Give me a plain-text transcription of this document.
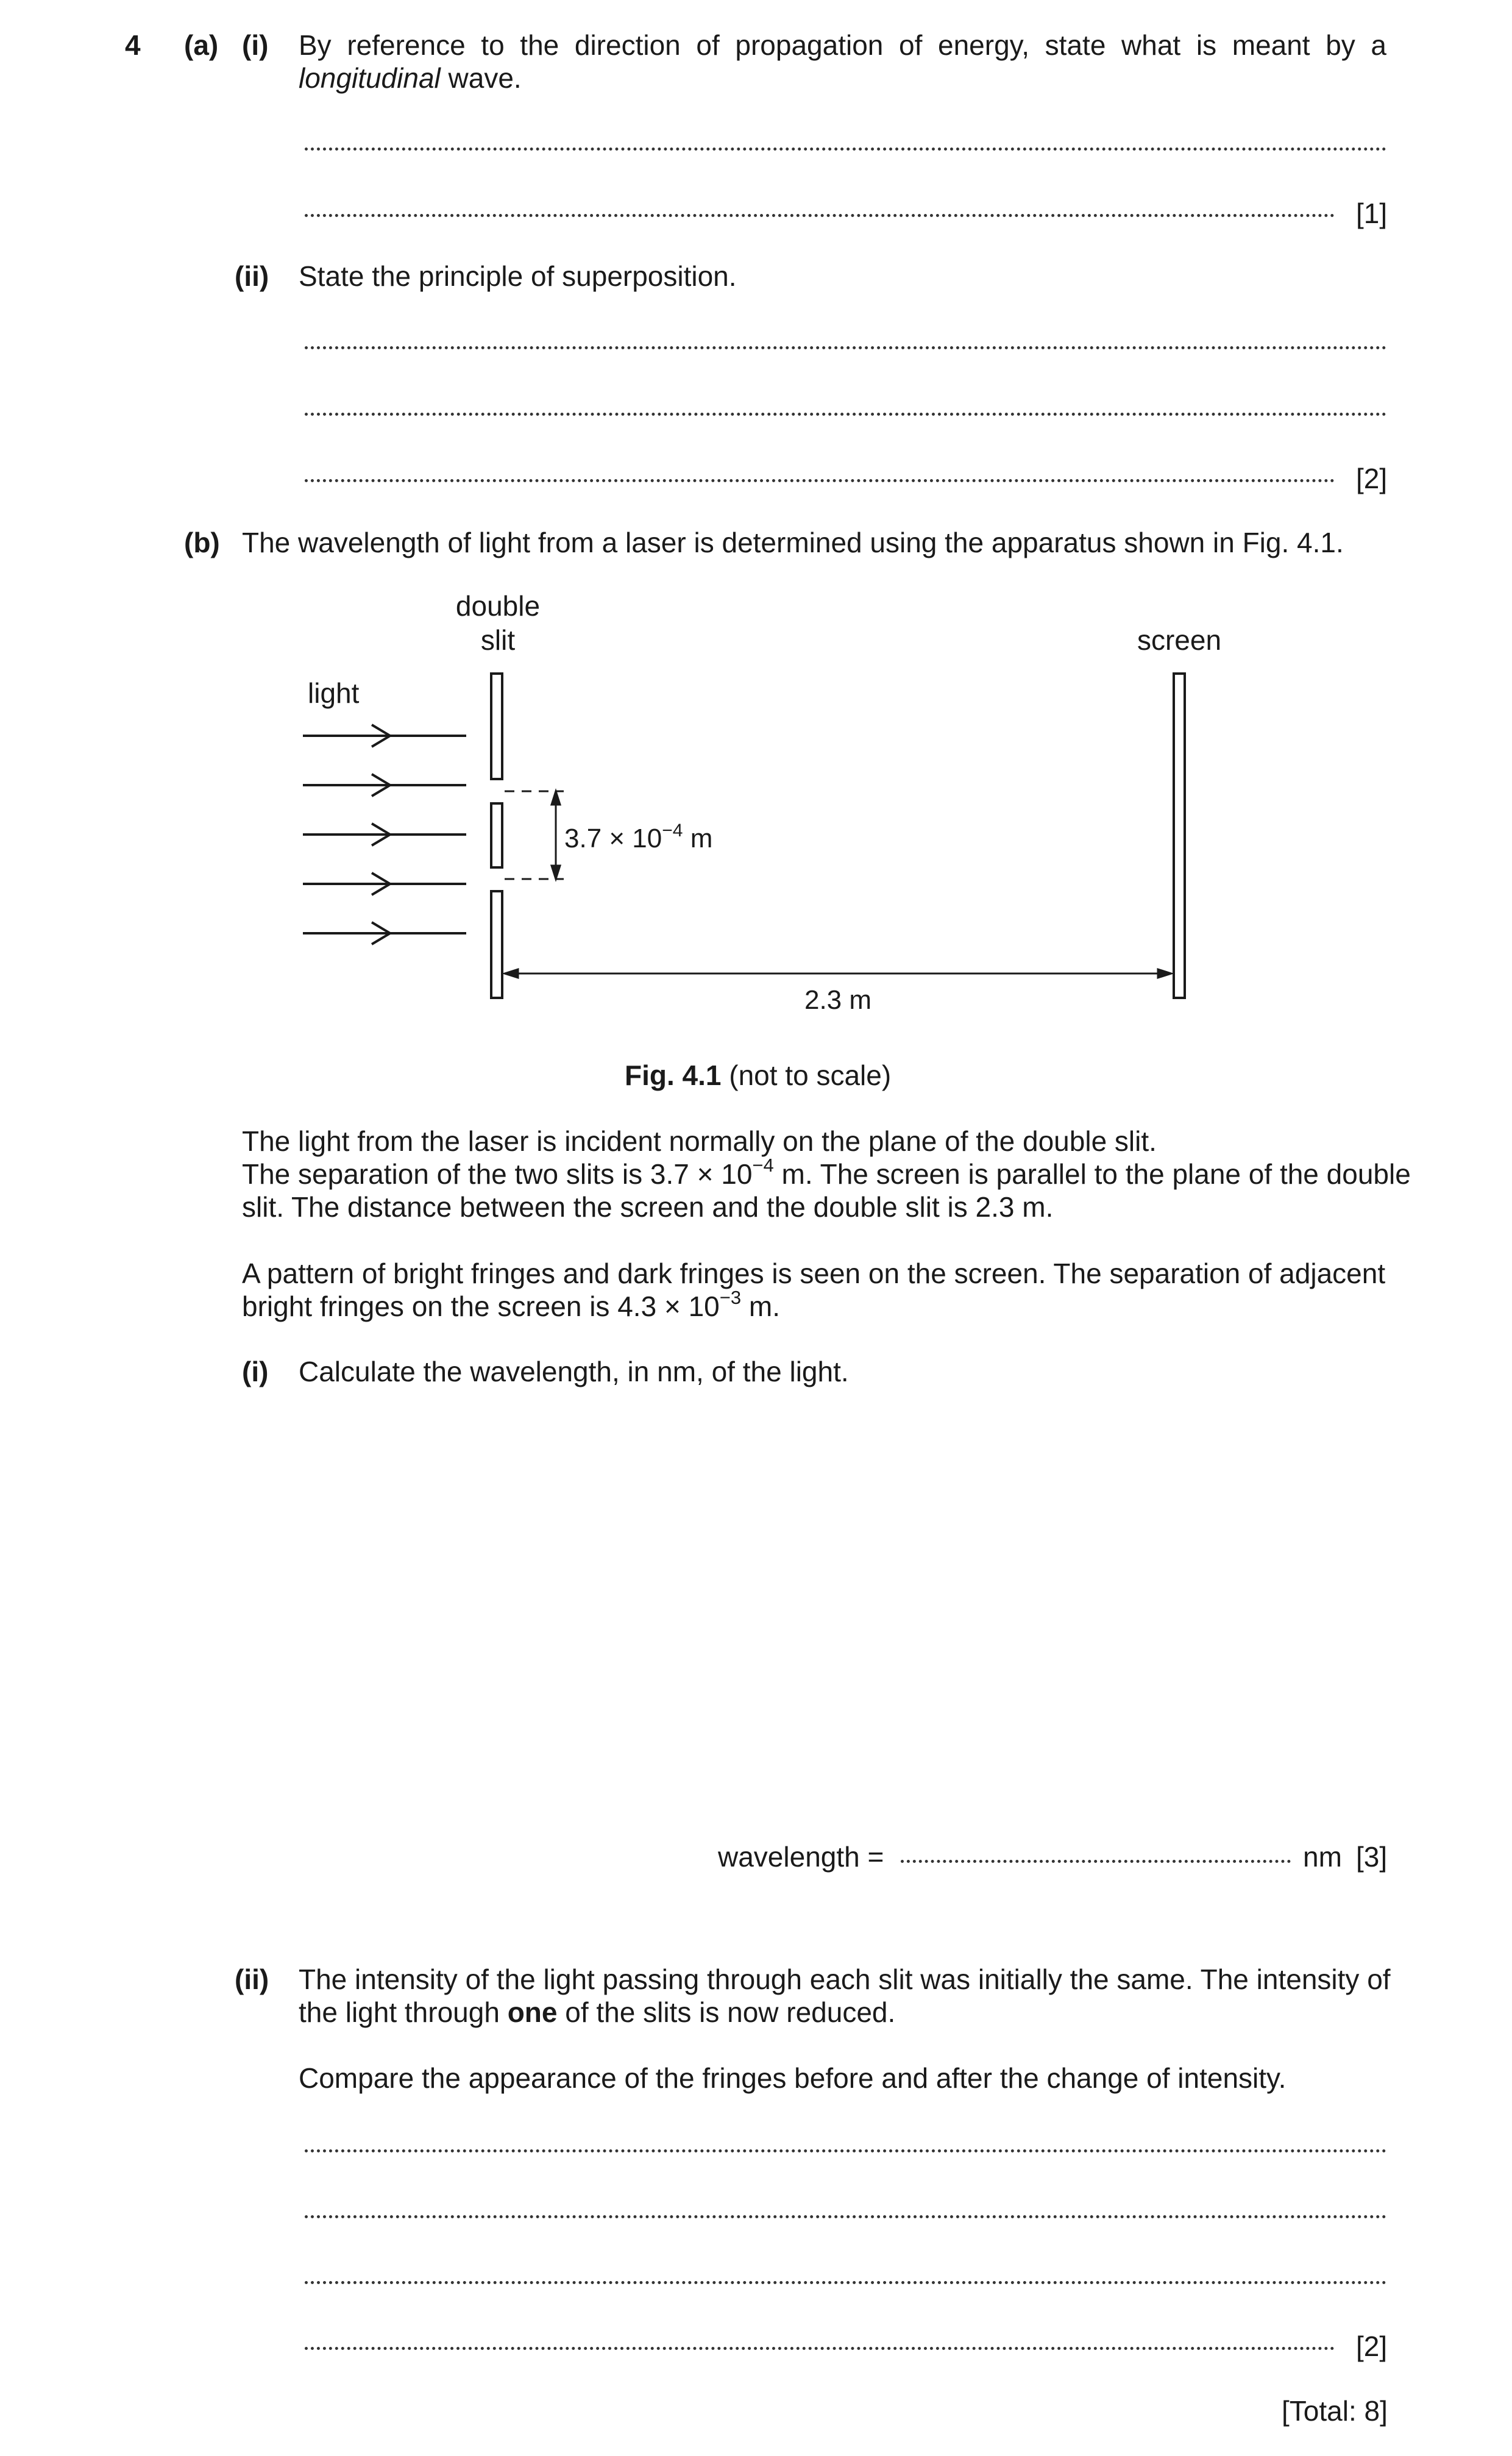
4 (a) (i) By reference to the direction of propagation of energy, state what is meant by a
longitudinal wave.
[1]
(ii) State the principle of superposition.
[2]
(b) The wavelength of light from a laser is determined using the apparatus shown in Fig. 4.1.
double
slit	screen
light
$3.7 \times 10^{-4}$ m
2.3 m
Fig. 4.1 (not to scale)
The light from the laser is incident normally on the plane of the double slit.
The separation of the two slits is $3.7 \times 10^{-4}$ m. The screen is parallel to the plane of the double
slit. The distance between the screen and the double slit is 2.3 m.
A pattern of bright fringes and dark fringes is seen on the screen. The separation of adjacent
bright fringes on the screen is $4.3 \times 10^{-3}$ m.
(i) Calculate the wavelength, in nm, of the light.
wavelength =	nm [3]
(ii) The intensity of the light passing through each slit was initially the same. The intensity of
the light through one of the slits is now reduced.
Compare the appearance of the fringes before and after the change of intensity.
[2]
[Total: 8]
